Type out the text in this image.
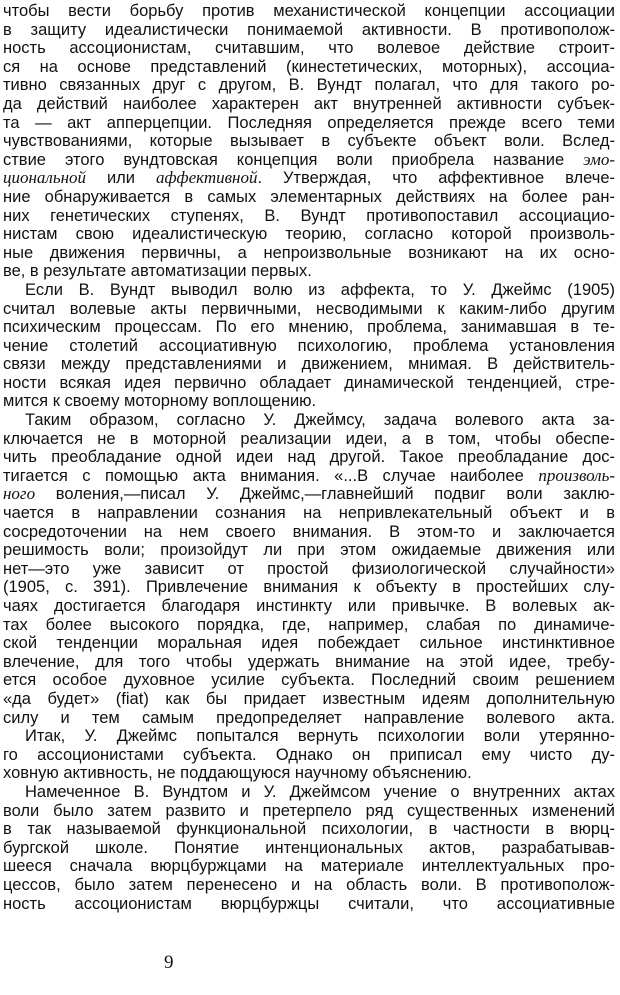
чтобы вести борьбу против механистической концепции ассоциации
в защиту идеалистически понимаемой активности. В противополож-
ность ассоционистам, считавшим, что волевое действие строит-
ся на основе представлений (кинестетических, моторных), ассоциа-
тивно связанных друг с другом, В. Вундт полагал, что для такого ро-
да действий наиболее характерен акт внутренней активности субъек-
та — акт апперцепции. Последняя определяется прежде всего теми
чувствованиями, которые вызывает в субъекте объект воли. Вслед-
ствие этого вундтовская концепция воли приобрела название эмо-
циональной или аффективной. Утверждая, что аффективное влече-
ние обнаруживается в самых элементарных действиях на более ран-
них генетических ступенях, В. Вундт противопоставил ассоциацио-
нистам свою идеалистическую теорию, согласно которой произволь-
ные движения первичны, а непроизвольные возникают на их осно-
ве, в результате автоматизации первых.
Если В. Вундт выводил волю из аффекта, то У. Джеймс (1905)
считал волевые акты первичными, несводимыми к каким-либо другим
психическим процессам. По его мнению, проблема, занимавшая в те-
чение столетий ассоциативную психологию, проблема установления
связи между представлениями и движением, мнимая. В действитель-
ности всякая идея первично обладает динамической тенденцией, стре-
мится к своему моторному воплощению.
Таким образом, согласно У. Джеймсу, задача волевого акта за-
ключается не в моторной реализации идеи, а в том, чтобы обеспе-
чить преобладание одной идеи над другой. Такое преобладание дос-
тигается с помощью акта внимания. «...В случае наиболее произволь-
ного воления,—писал У. Джеймс,—главнейший подвиг воли заклю-
чается в направлении сознания на непривлекательный объект и в
сосредоточении на нем своего внимания. В этом-то и заключается
решимость воли; произойдут ли при этом ожидаемые движения или
нет—это уже зависит от простой физиологической случайности»
(1905, с. 391). Привлечение внимания к объекту в простейших слу-
чаях достигается благодаря инстинкту или привычке. В волевых ак-
тах более высокого порядка, где, например, слабая по динамиче-
ской тенденции моральная идея побеждает сильное инстинктивное
влечение, для того чтобы удержать внимание на этой идее, требу-
ется особое духовное усилие субъекта. Последний своим решением
«да будет» (fiat) как бы придает известным идеям дополнительную
силу и тем самым предопределяет направление волевого акта.
Итак, У. Джеймс попытался вернуть психологии воли утерянно-
го ассоционистами субъекта. Однако он приписал ему чисто ду-
ховную активность, не поддающуюся научному объяснению.
Намеченное В. Вундтом и У. Джеймсом учение о внутренних актах
воли было затем развито и претерпело ряд существенных изменений
в так называемой функциональной психологии, в частности в вюрц-
бургской школе. Понятие интенциональных актов, разрабатывав-
шееся сначала вюрцбуржцами на материале интеллектуальных про-
цессов, было затем перенесено и на область воли. В противополож-
ность ассоционистам вюрцбуржцы считали, что ассоциативные
9
